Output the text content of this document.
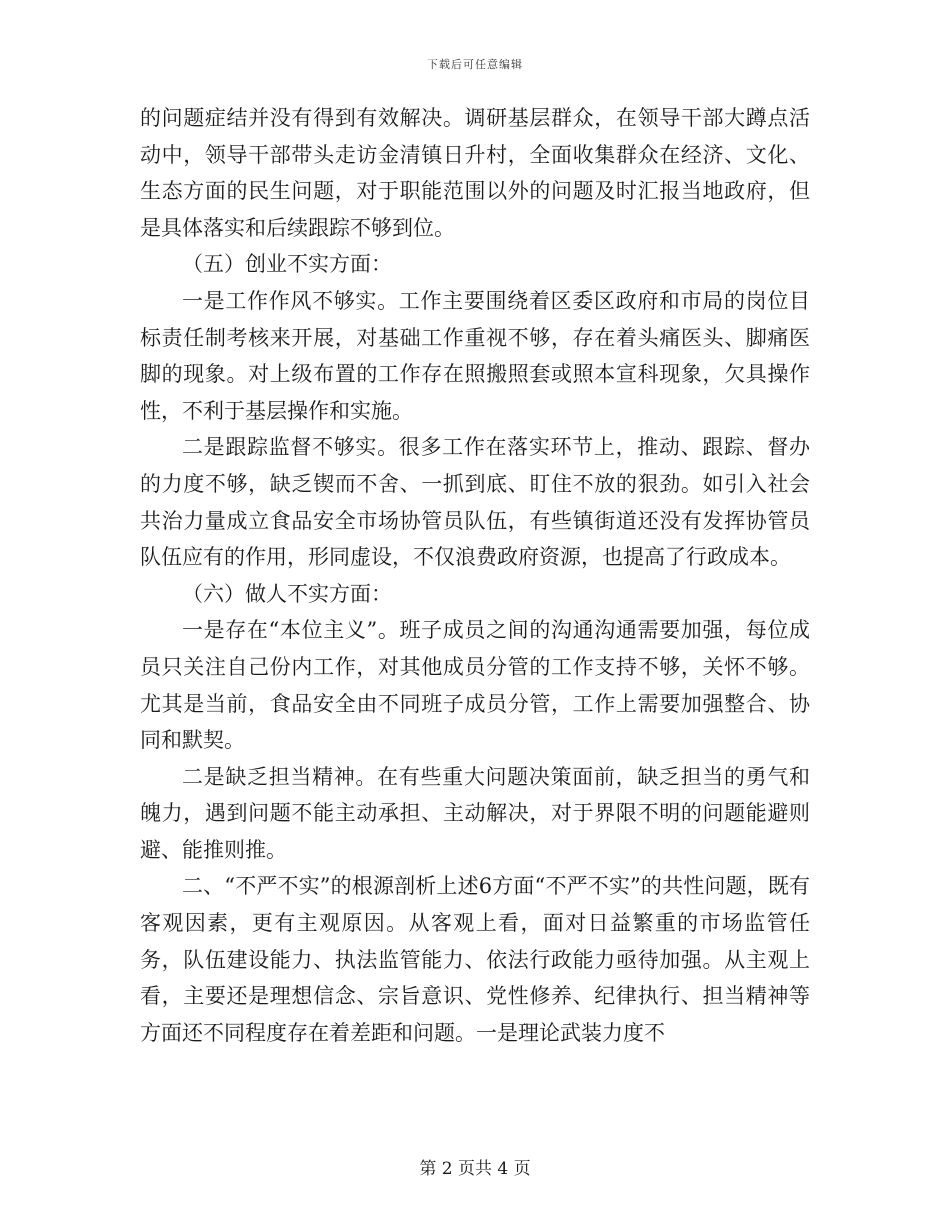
下载后可任意编辑

的问题症结并没有得到有效解决。调研基层群众，在领导干部大蹲点活动中，领导干部带头走访金清镇日升村，全面收集群众在经济、文化、生态方面的民生问题，对于职能范围以外的问题及时汇报当地政府，但是具体落实和后续跟踪不够到位。

（五）创业不实方面：

一是工作作风不够实。工作主要围绕着区委区政府和市局的岗位目标责任制考核来开展，对基础工作重视不够，存在着头痛医头、脚痛医脚的现象。对上级布置的工作存在照搬照套或照本宣科现象，欠具操作性，不利于基层操作和实施。

二是跟踪监督不够实。很多工作在落实环节上，推动、跟踪、督办的力度不够，缺乏锲而不舍、一抓到底、盯住不放的狠劲。如引入社会共治力量成立食品安全市场协管员队伍，有些镇街道还没有发挥协管员队伍应有的作用，形同虚设，不仅浪费政府资源，也提高了行政成本。

（六）做人不实方面：

一是存在“本位主义”。班子成员之间的沟通沟通需要加强，每位成员只关注自己份内工作，对其他成员分管的工作支持不够，关怀不够。尤其是当前，食品安全由不同班子成员分管，工作上需要加强整合、协同和默契。

二是缺乏担当精神。在有些重大问题决策面前，缺乏担当的勇气和魄力，遇到问题不能主动承担、主动解决，对于界限不明的问题能避则避、能推则推。

二、“不严不实”的根源剖析上述6方面“不严不实”的共性问题，既有客观因素，更有主观原因。从客观上看，面对日益繁重的市场监管任务，队伍建设能力、执法监管能力、依法行政能力亟待加强。从主观上看，主要还是理想信念、宗旨意识、党性修养、纪律执行、担当精神等方面还不同程度存在着差距和问题。一是理论武装力度不

第 2 页共 4 页
